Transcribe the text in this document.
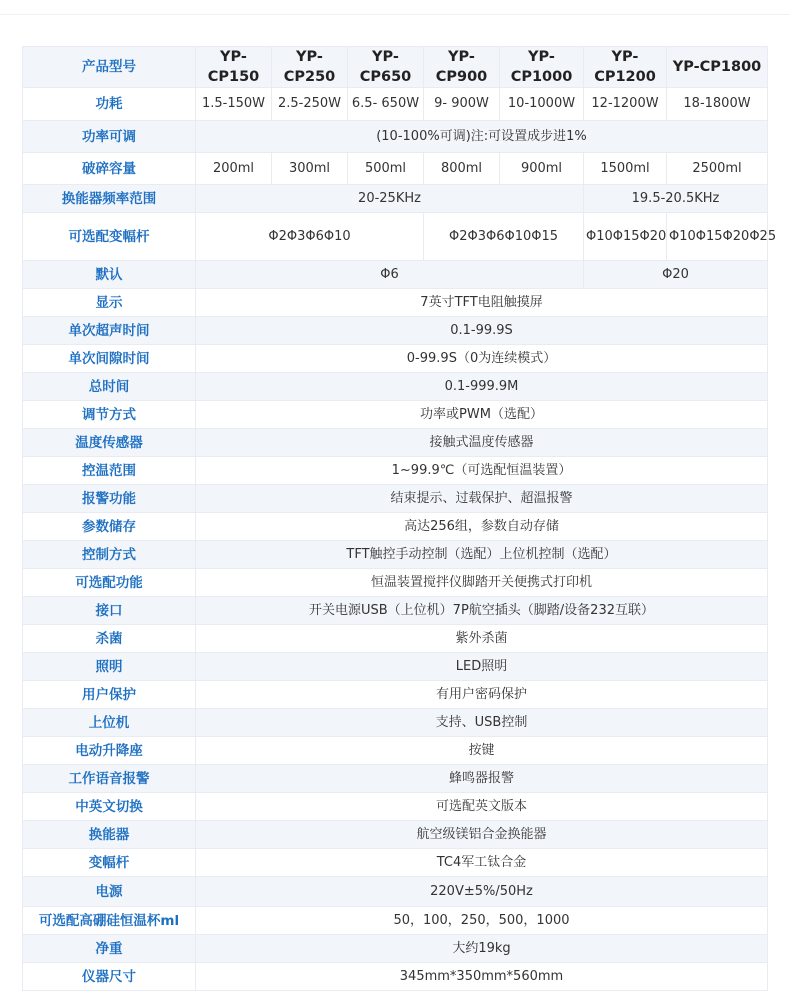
产品型号	YP-CP150	YP-CP250	YP-CP650	YP-CP900	YP-CP1000	YP-CP1200	YP-CP1800
功耗	1.5-150W	2.5-250W	6.5- 650W	9- 900W	10-1000W	12-1200W	18-1800W
功率可调	(10-100%可调)注:可设置成步进1%						
破碎容量	200ml	300ml	500ml	800ml	900ml	1500ml	2500ml
换能器频率范围	20-25KHz					19.5-20.5KHz	
可选配变幅杆	Φ2Φ3Φ6Φ10			Φ2Φ3Φ6Φ10Φ15		Φ10Φ15Φ20	Φ10Φ15Φ20Φ25
默认	Φ6					Φ20	
显示	7英寸TFT电阻触摸屏						
单次超声时间	0.1-99.9S						
单次间隙时间	0-99.9S（0为连续模式）						
总时间	0.1-999.9M						
调节方式	功率或PWM（选配）						
温度传感器	接触式温度传感器						
控温范围	1~99.9℃（可选配恒温装置）						
报警功能	结束提示、过载保护、超温报警						
参数储存	高达256组，参数自动存储						
控制方式	TFT触控手动控制（选配）上位机控制（选配）						
可选配功能	恒温装置搅拌仪脚踏开关便携式打印机						
接口	开关电源USB（上位机）7P航空插头（脚踏/设备232互联）						
杀菌	紫外杀菌						
照明	LED照明						
用户保护	有用户密码保护						
上位机	支持、USB控制						
电动升降座	按键						
工作语音报警	蜂鸣器报警						
中英文切换	可选配英文版本						
换能器	航空级镁铝合金换能器						
变幅杆	TC4军工钛合金						
电源	220V±5%/50Hz						
可选配高硼硅恒温杯ml	50，100，250，500，1000						
净重	大约19kg						
仪器尺寸	345mm*350mm*560mm						
